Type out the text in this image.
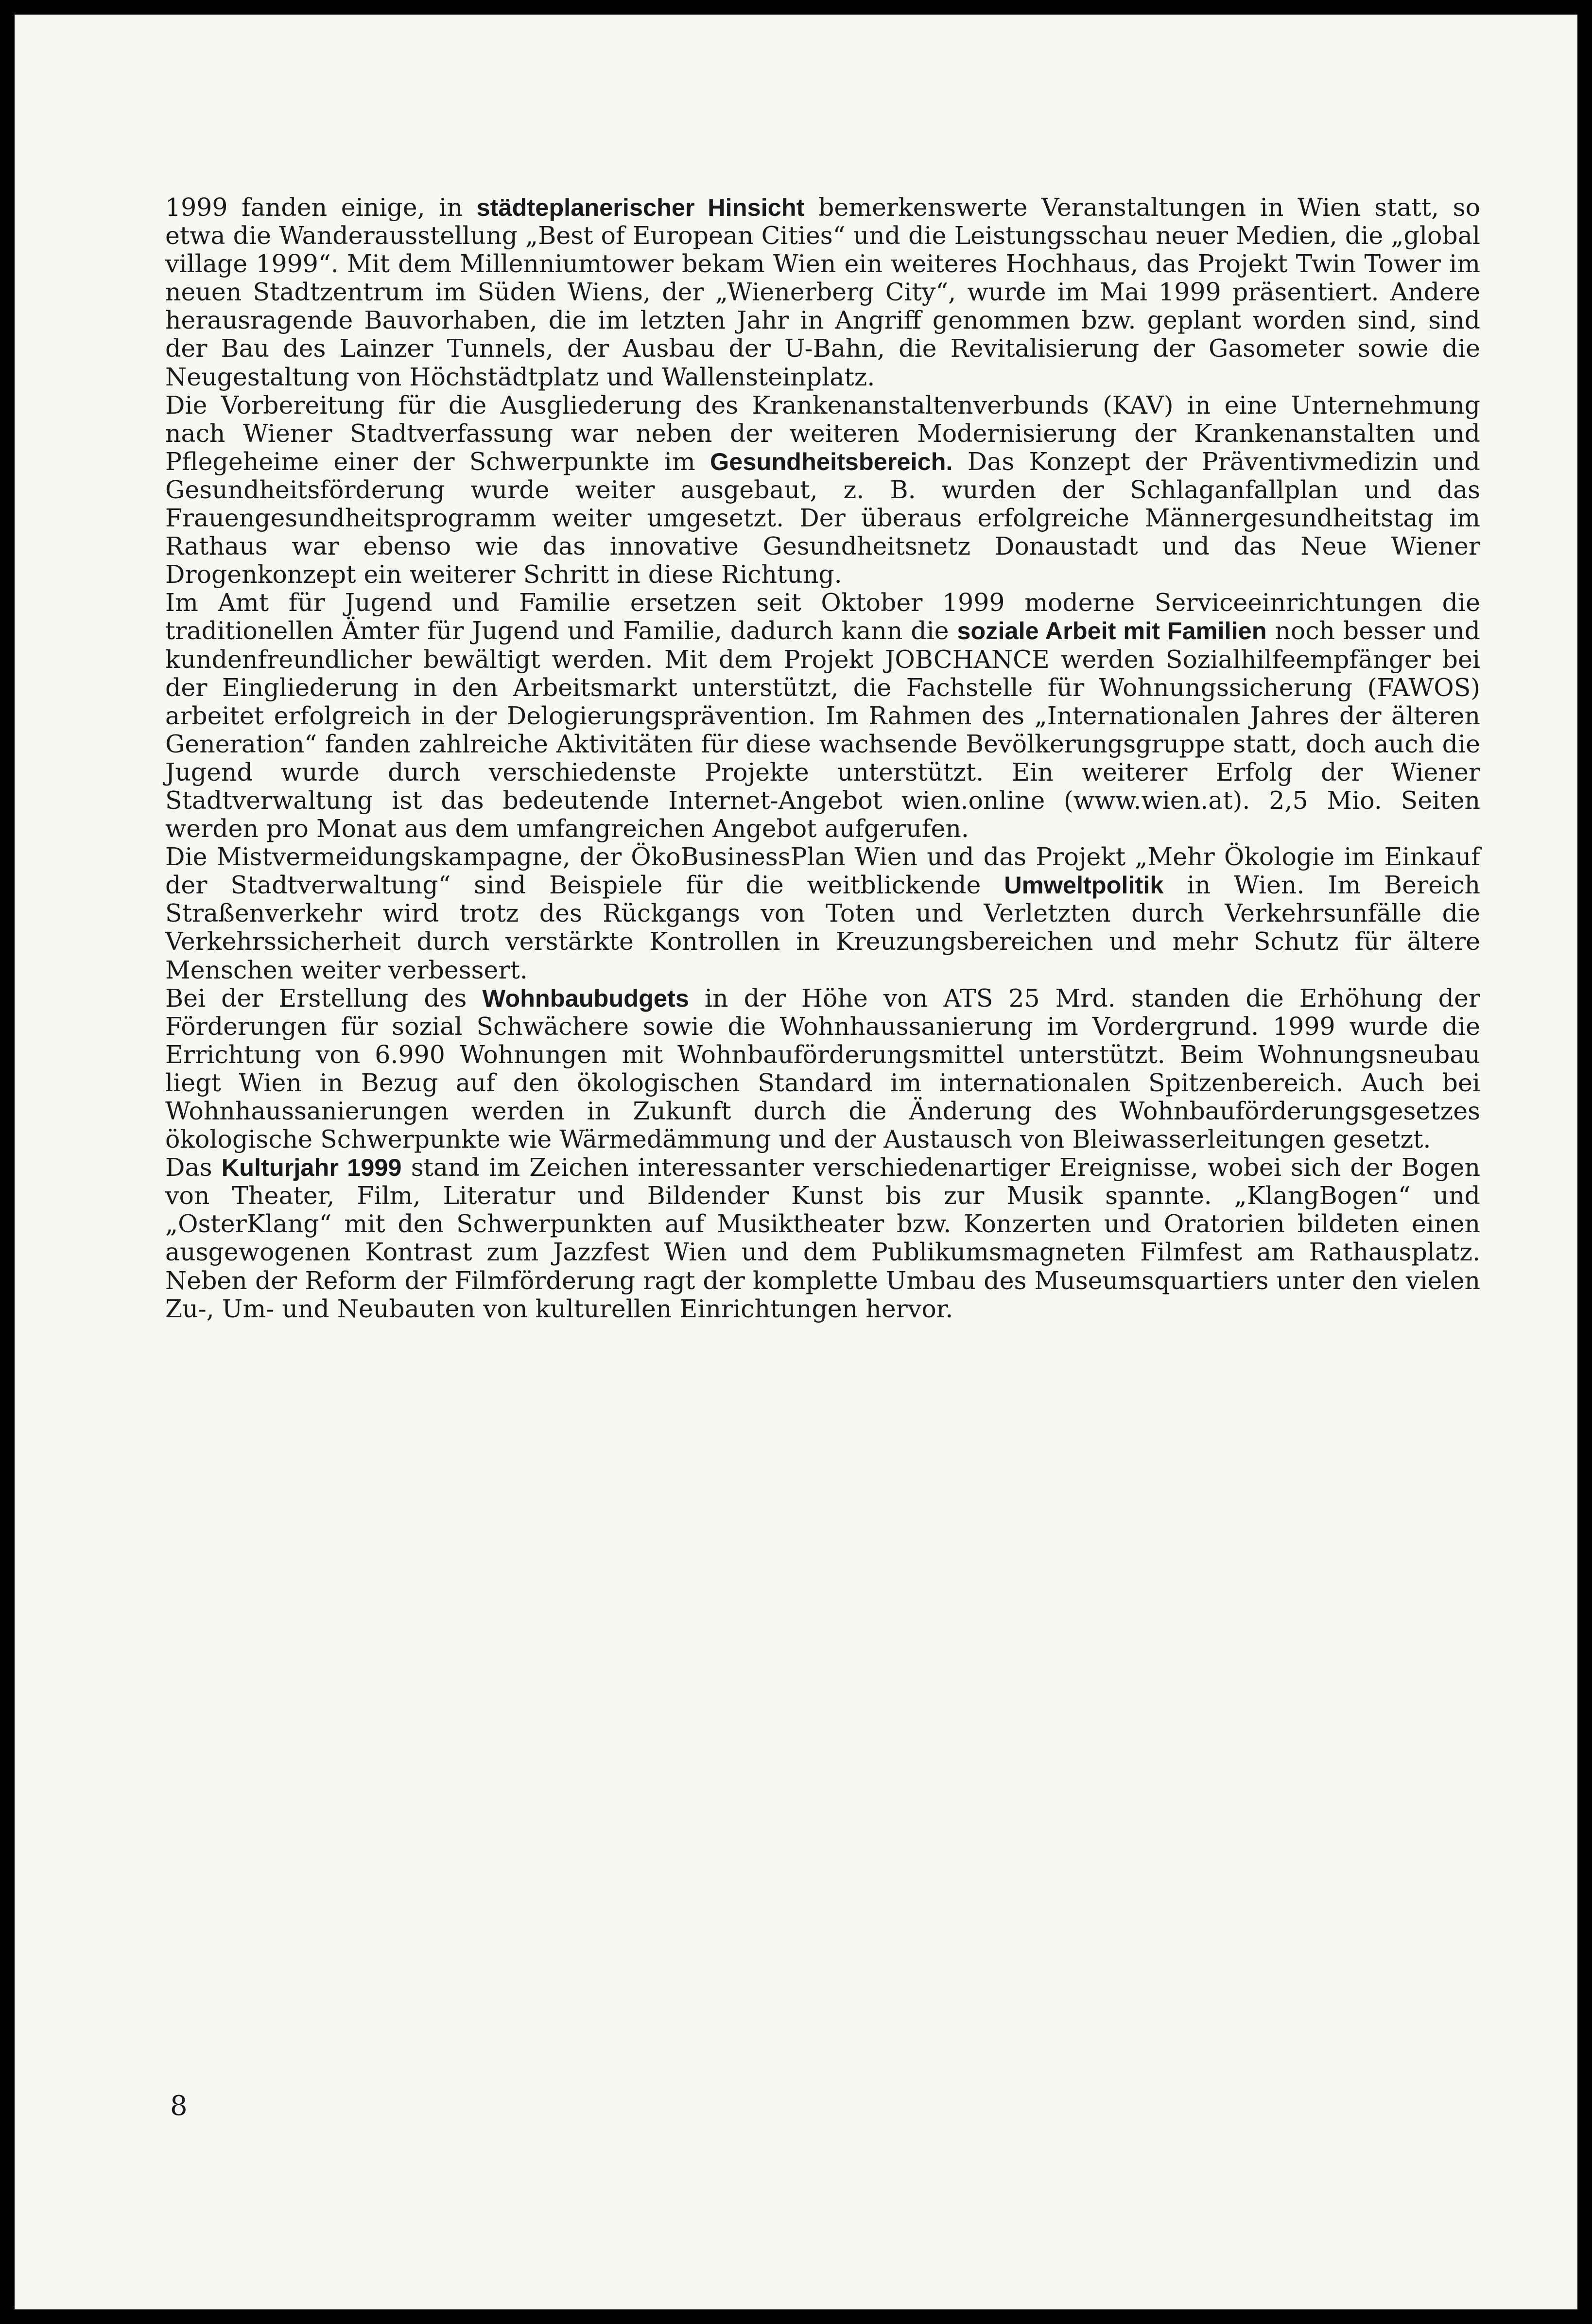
1999 fanden einige, in städteplanerischer Hinsicht bemerkenswerte Veranstaltungen in Wien statt, so etwa die Wanderausstellung „Best of European Cities“ und die Leistungsschau neuer Medien, die „global village 1999“. Mit dem Millenniumtower bekam Wien ein weiteres Hochhaus, das Projekt Twin Tower im neuen Stadtzentrum im Süden Wiens, der „Wienerberg City“, wurde im Mai 1999 präsentiert. Andere herausragende Bauvorhaben, die im letzten Jahr in Angriff genommen bzw. geplant worden sind, sind der Bau des Lainzer Tunnels, der Ausbau der U-Bahn, die Revitalisierung der Gasometer sowie die Neugestaltung von Höchstädtplatz und Wallensteinplatz.

Die Vorbereitung für die Ausgliederung des Krankenanstaltenverbunds (KAV) in eine Unternehmung nach Wiener Stadtverfassung war neben der weiteren Modernisierung der Krankenanstalten und Pflegeheime einer der Schwerpunkte im Gesundheitsbereich. Das Konzept der Präventivmedizin und Gesundheitsförderung wurde weiter ausgebaut, z. B. wurden der Schlaganfallplan und das Frauengesundheitsprogramm weiter umgesetzt. Der überaus erfolgreiche Männergesundheitstag im Rathaus war ebenso wie das innovative Gesundheitsnetz Donaustadt und das Neue Wiener Drogenkonzept ein weiterer Schritt in diese Richtung.

Im Amt für Jugend und Familie ersetzen seit Oktober 1999 moderne Serviceeinrichtungen die traditionellen Ämter für Jugend und Familie, dadurch kann die soziale Arbeit mit Familien noch besser und kundenfreundlicher bewältigt werden. Mit dem Projekt JOBCHANCE werden Sozialhilfeempfänger bei der Eingliederung in den Arbeitsmarkt unterstützt, die Fachstelle für Wohnungssicherung (FAWOS) arbeitet erfolgreich in der Delogierungsprävention. Im Rahmen des „Internationalen Jahres der älteren Generation“ fanden zahlreiche Aktivitäten für diese wachsende Bevölkerungsgruppe statt, doch auch die Jugend wurde durch verschiedenste Projekte unterstützt. Ein weiterer Erfolg der Wiener Stadtverwaltung ist das bedeutende Internet-Angebot wien.online (www.wien.at). 2,5 Mio. Seiten werden pro Monat aus dem umfangreichen Angebot aufgerufen.

Die Mistvermeidungskampagne, der ÖkoBusinessPlan Wien und das Projekt „Mehr Ökologie im Einkauf der Stadtverwaltung“ sind Beispiele für die weitblickende Umweltpolitik in Wien. Im Bereich Straßenverkehr wird trotz des Rückgangs von Toten und Verletzten durch Verkehrsunfälle die Verkehrssicherheit durch verstärkte Kontrollen in Kreuzungsbereichen und mehr Schutz für ältere Menschen weiter verbessert.

Bei der Erstellung des Wohnbaubudgets in der Höhe von ATS 25 Mrd. standen die Erhöhung der Förderungen für sozial Schwächere sowie die Wohnhaussanierung im Vordergrund. 1999 wurde die Errichtung von 6.990 Wohnungen mit Wohnbauförderungsmittel unterstützt. Beim Wohnungsneubau liegt Wien in Bezug auf den ökologischen Standard im internationalen Spitzenbereich. Auch bei Wohnhaussanierungen werden in Zukunft durch die Änderung des Wohnbauförderungsgesetzes ökologische Schwerpunkte wie Wärmedämmung und der Austausch von Bleiwasserleitungen gesetzt.

Das Kulturjahr 1999 stand im Zeichen interessanter verschiedenartiger Ereignisse, wobei sich der Bogen von Theater, Film, Literatur und Bildender Kunst bis zur Musik spannte. „KlangBogen“ und „OsterKlang“ mit den Schwerpunkten auf Musiktheater bzw. Konzerten und Oratorien bildeten einen ausgewogenen Kontrast zum Jazzfest Wien und dem Publikumsmagneten Filmfest am Rathausplatz. Neben der Reform der Filmförderung ragt der komplette Umbau des Museumsquartiers unter den vielen Zu-, Um- und Neubauten von kulturellen Einrichtungen hervor.

8
